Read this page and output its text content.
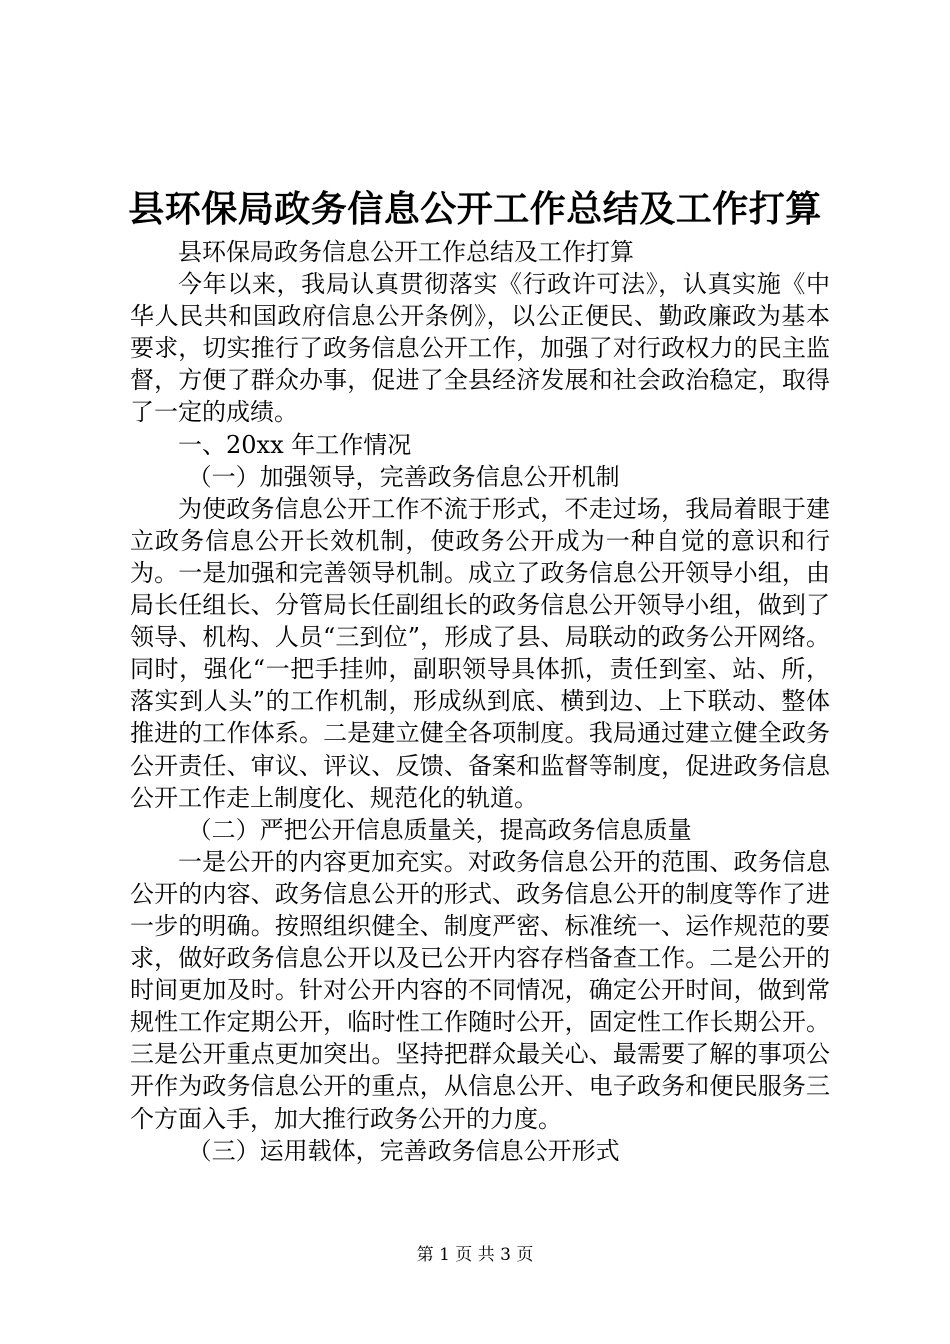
县环保局政务信息公开工作总结及工作打算

县环保局政务信息公开工作总结及工作打算

今年以来，我局认真贯彻落实《行政许可法》，认真实施《中华人民共和国政府信息公开条例》，以公正便民、勤政廉政为基本要求，切实推行了政务信息公开工作，加强了对行政权力的民主监督，方便了群众办事，促进了全县经济发展和社会政治稳定，取得了一定的成绩。

一、20xx 年工作情况

（一）加强领导，完善政务信息公开机制

为使政务信息公开工作不流于形式，不走过场，我局着眼于建立政务信息公开长效机制，使政务公开成为一种自觉的意识和行为。一是加强和完善领导机制。成立了政务信息公开领导小组，由局长任组长、分管局长任副组长的政务信息公开领导小组，做到了领导、机构、人员“三到位”，形成了县、局联动的政务公开网络。同时，强化“一把手挂帅，副职领导具体抓，责任到室、站、所，落实到人头”的工作机制，形成纵到底、横到边、上下联动、整体推进的工作体系。二是建立健全各项制度。我局通过建立健全政务公开责任、审议、评议、反馈、备案和监督等制度，促进政务信息公开工作走上制度化、规范化的轨道。

（二）严把公开信息质量关，提高政务信息质量

一是公开的内容更加充实。对政务信息公开的范围、政务信息公开的内容、政务信息公开的形式、政务信息公开的制度等作了进一步的明确。按照组织健全、制度严密、标准统一、运作规范的要求，做好政务信息公开以及已公开内容存档备查工作。二是公开的时间更加及时。针对公开内容的不同情况，确定公开时间，做到常规性工作定期公开，临时性工作随时公开，固定性工作长期公开。三是公开重点更加突出。坚持把群众最关心、最需要了解的事项公开作为政务信息公开的重点，从信息公开、电子政务和便民服务三个方面入手，加大推行政务公开的力度。

（三）运用载体，完善政务信息公开形式

第 1 页 共 3 页
